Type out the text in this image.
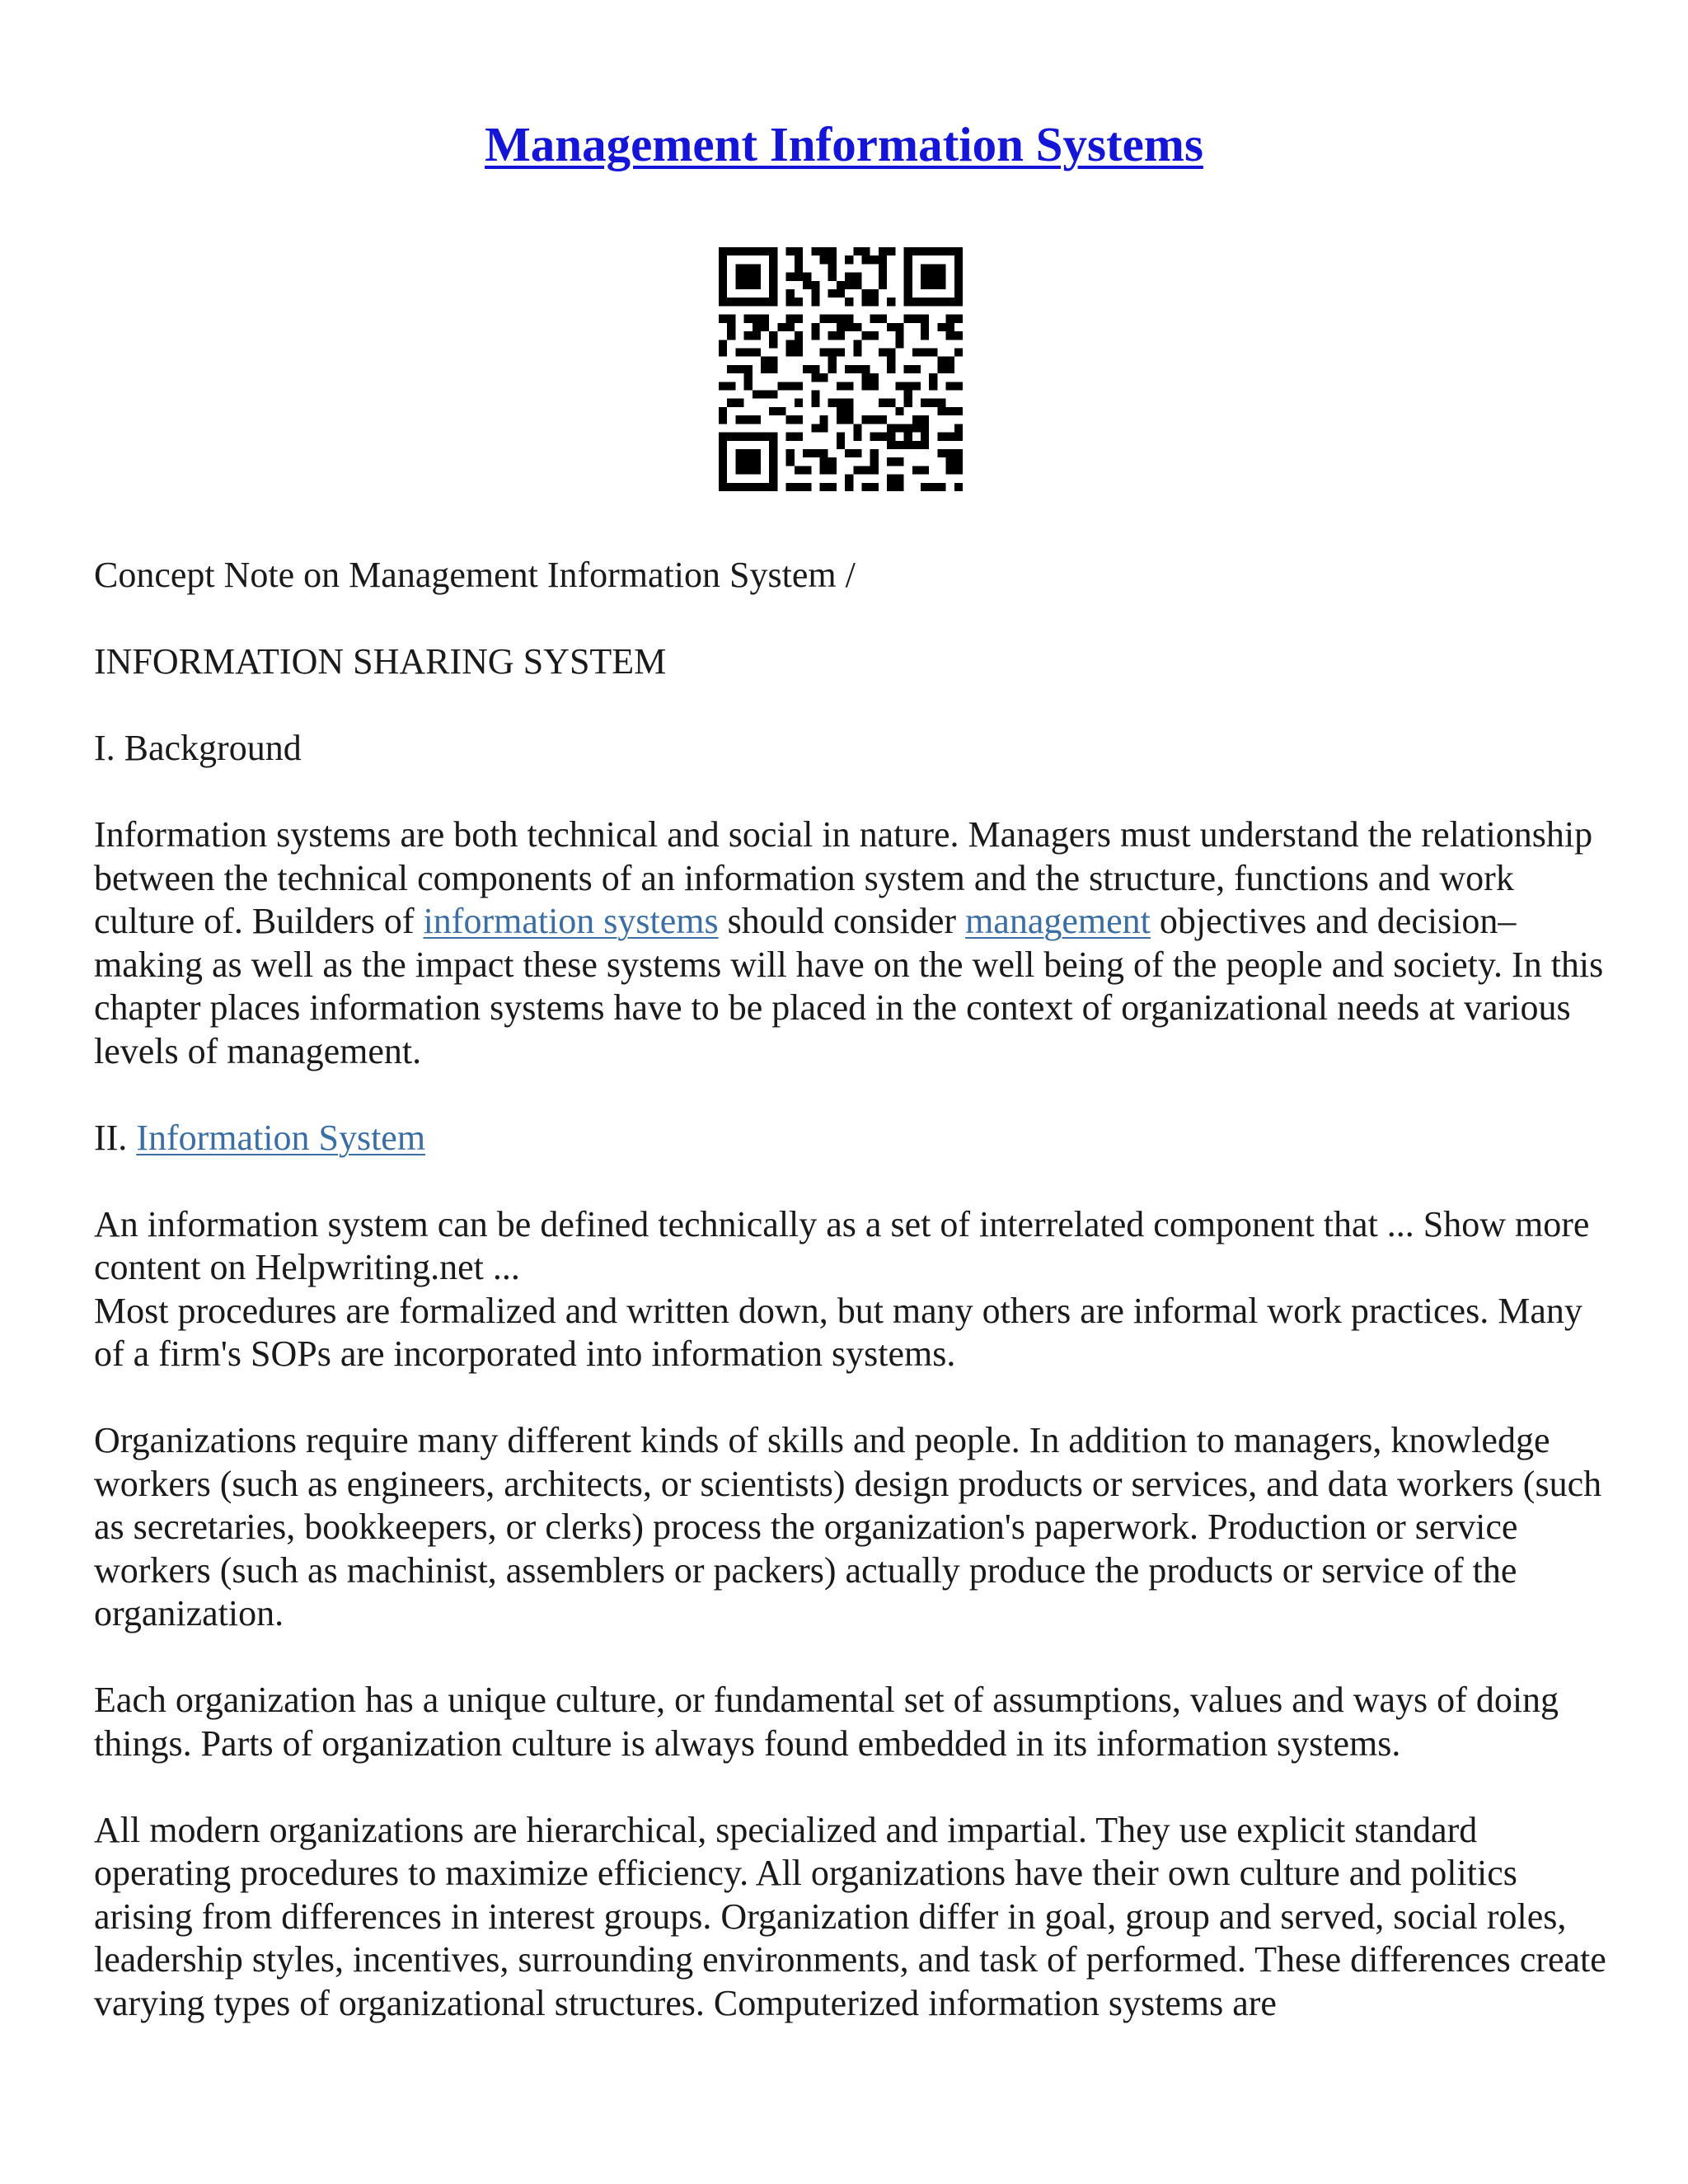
Management Information Systems

Concept Note on Management Information System /

INFORMATION SHARING SYSTEM

I. Background

Information systems are both technical and social in nature. Managers must understand the relationship between the technical components of an information system and the structure, functions and work culture of. Builders of information systems should consider management objectives and decision–making as well as the impact these systems will have on the well being of the people and society. In this chapter places information systems have to be placed in the context of organizational needs at various levels of management.

II. Information System

An information system can be defined technically as a set of interrelated component that ... Show more content on Helpwriting.net ...

Most procedures are formalized and written down, but many others are informal work practices. Many of a firm's SOPs are incorporated into information systems.

Organizations require many different kinds of skills and people. In addition to managers, knowledge workers (such as engineers, architects, or scientists) design products or services, and data workers (such as secretaries, bookkeepers, or clerks) process the organization's paperwork. Production or service workers (such as machinist, assemblers or packers) actually produce the products or service of the organization.

Each organization has a unique culture, or fundamental set of assumptions, values and ways of doing things. Parts of organization culture is always found embedded in its information systems.

All modern organizations are hierarchical, specialized and impartial. They use explicit standard operating procedures to maximize efficiency. All organizations have their own culture and politics arising from differences in interest groups. Organization differ in goal, group and served, social roles, leadership styles, incentives, surrounding environments, and task of performed. These differences create varying types of organizational structures. Computerized information systems are
